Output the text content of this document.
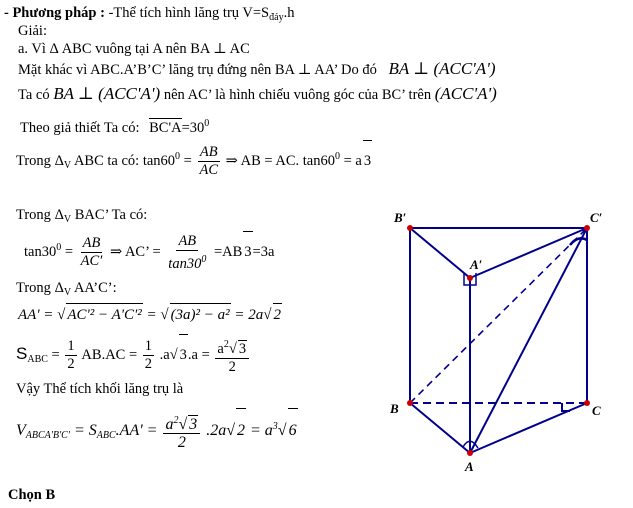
- Phương pháp : -Thể tích hình lăng trụ $V=S_{đáy}.h$
Giải:
a. Vì Δ ABC vuông tại A nên BA ⊥ AC
Mặt khác vì ABC.A’B’C’ lăng trụ đứng nên BA ⊥ AA’ Do đó BA ⊥ (ACC'A')
Ta có BA ⊥ (ACC'A') nên AC’ là hình chiếu vuông góc của BC’ trên (ACC'A')
Theo giả thiết Ta có: $BC'A=30^0$
Trong $\Delta_V$ ABC ta có: $\tan 60^0 = \frac{AB}{AC}$ ⇒ AB = AC. $\tan 60^0 = a$ 3
Trong $\Delta_V$ BAC’ Ta có:
$\tan 30^0 = \frac{AB}{AC'}$ ⇒ AC’ = $\frac{AB}{\tan 30^0} =AB$ 3=3a
Trong $\Delta_V$ AA’C’:
AA' = √ AC'² − A'C'² = √ (3a)² − a² = 2a√ 2
$S_{ABC} = \frac{1}{2} AB.AC = \frac{1}{2} .a√$ $3.a = \frac{a^2√ 3}{2}$
Vậy Thể tích khối lăng trụ là
$V_{ABCA'B'C'} = S_{ABC}.AA' = \frac{a^2√ 3}{2} .2a√$ $2 = a^3√$ 6
Chọn B
B′	C′
A′
B	C
A
